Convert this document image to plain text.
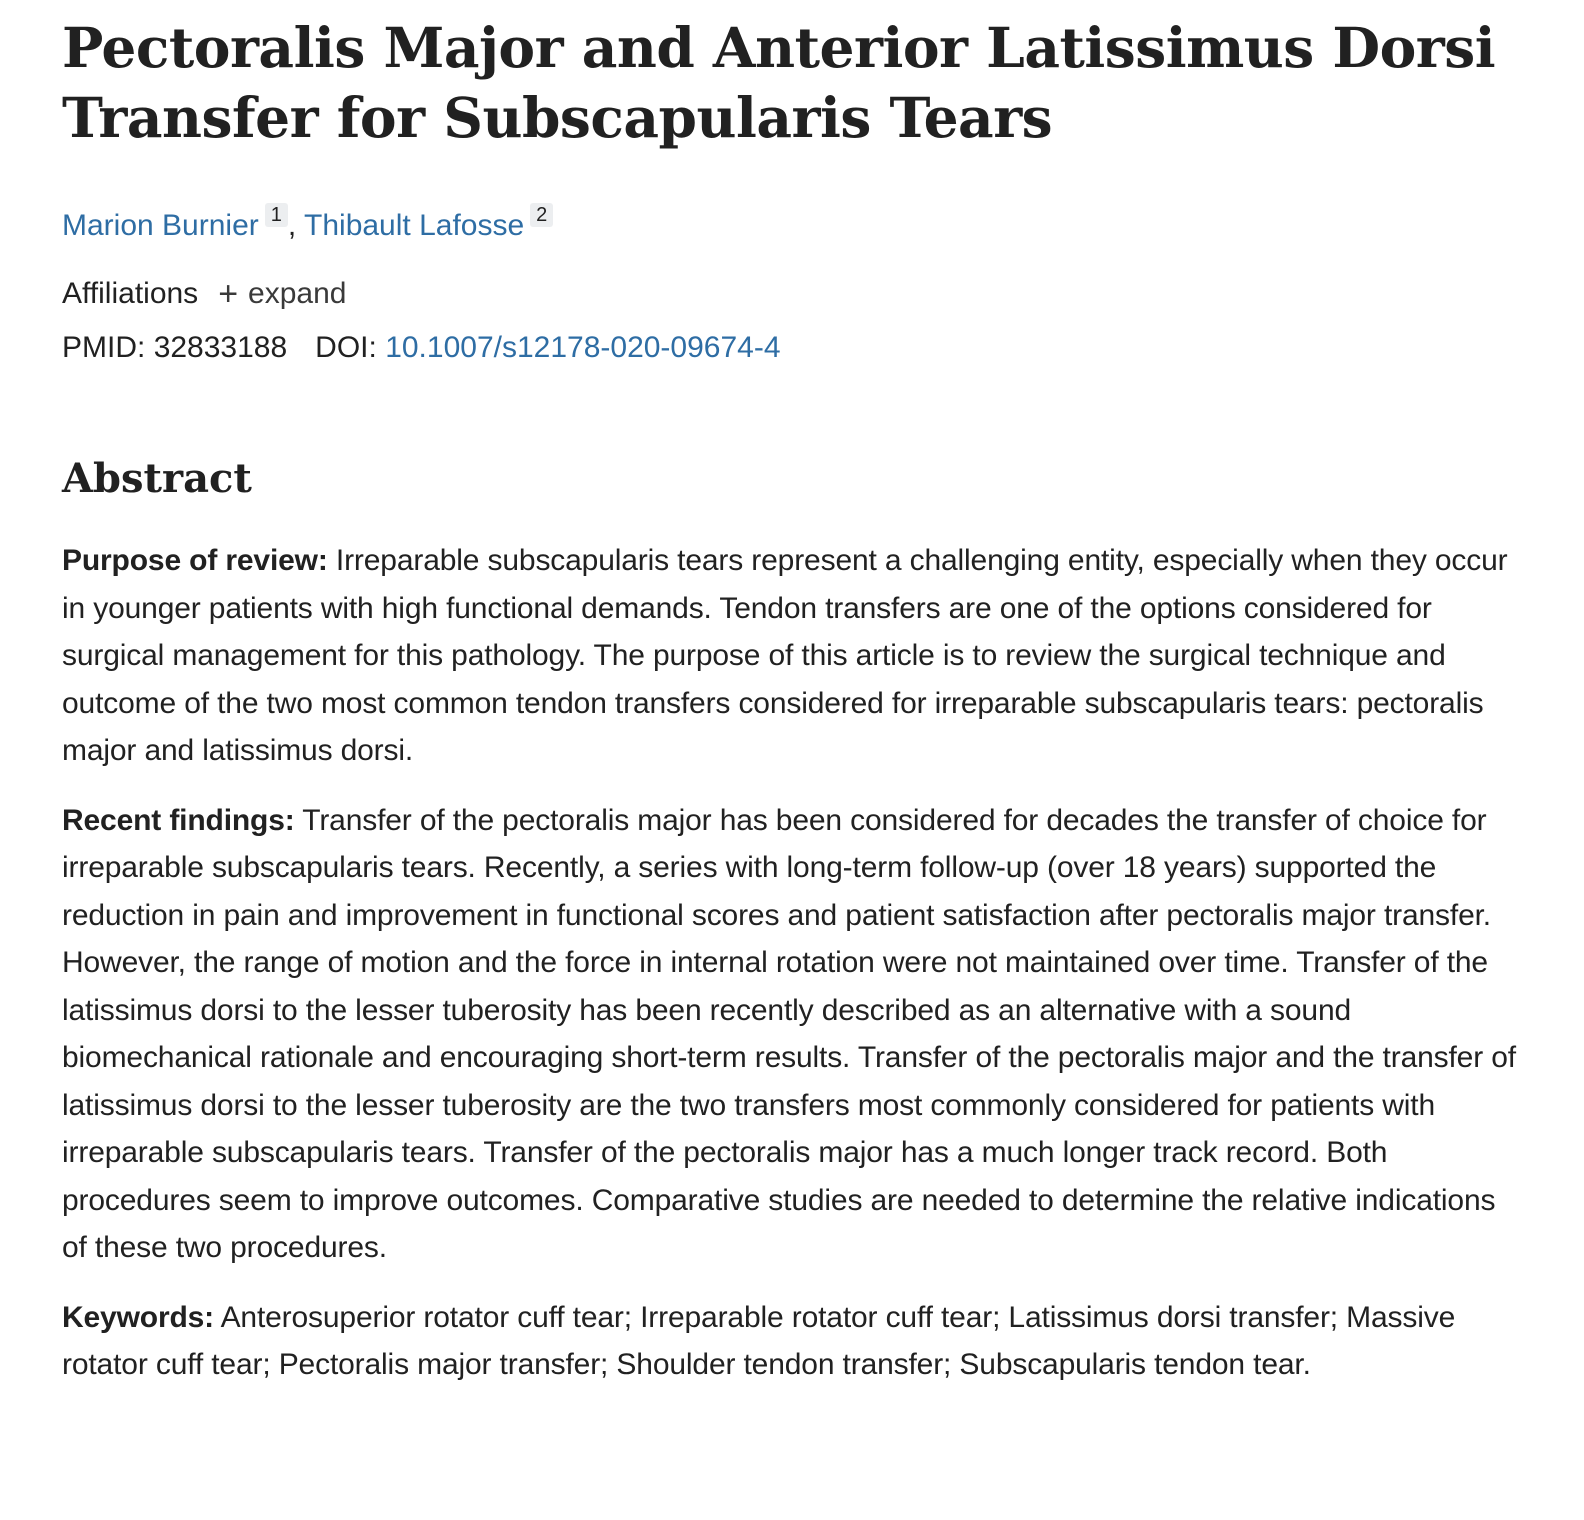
Pectoralis Major and Anterior Latissimus Dorsi Transfer for Subscapularis Tears
Marion Burnier 1 , Thibault Lafosse 2
Affiliations + expand
PMID: 32833188 DOI: 10.1007/s12178-020-09674-4
Abstract

Purpose of review: Irreparable subscapularis tears represent a challenging entity, especially when they occur in younger patients with high functional demands. Tendon transfers are one of the options considered for surgical management for this pathology. The purpose of this article is to review the surgical technique and outcome of the two most common tendon transfers considered for irreparable subscapularis tears: pectoralis major and latissimus dorsi.

Recent findings: Transfer of the pectoralis major has been considered for decades the transfer of choice for irreparable subscapularis tears. Recently, a series with long-term follow-up (over 18 years) supported the reduction in pain and improvement in functional scores and patient satisfaction after pectoralis major transfer. However, the range of motion and the force in internal rotation were not maintained over time. Transfer of the latissimus dorsi to the lesser tuberosity has been recently described as an alternative with a sound biomechanical rationale and encouraging short-term results. Transfer of the pectoralis major and the transfer of latissimus dorsi to the lesser tuberosity are the two transfers most commonly considered for patients with irreparable subscapularis tears. Transfer of the pectoralis major has a much longer track record. Both procedures seem to improve outcomes. Comparative studies are needed to determine the relative indications of these two procedures.

Keywords: Anterosuperior rotator cuff tear; Irreparable rotator cuff tear; Latissimus dorsi transfer; Massive rotator cuff tear; Pectoralis major transfer; Shoulder tendon transfer; Subscapularis tendon tear.
